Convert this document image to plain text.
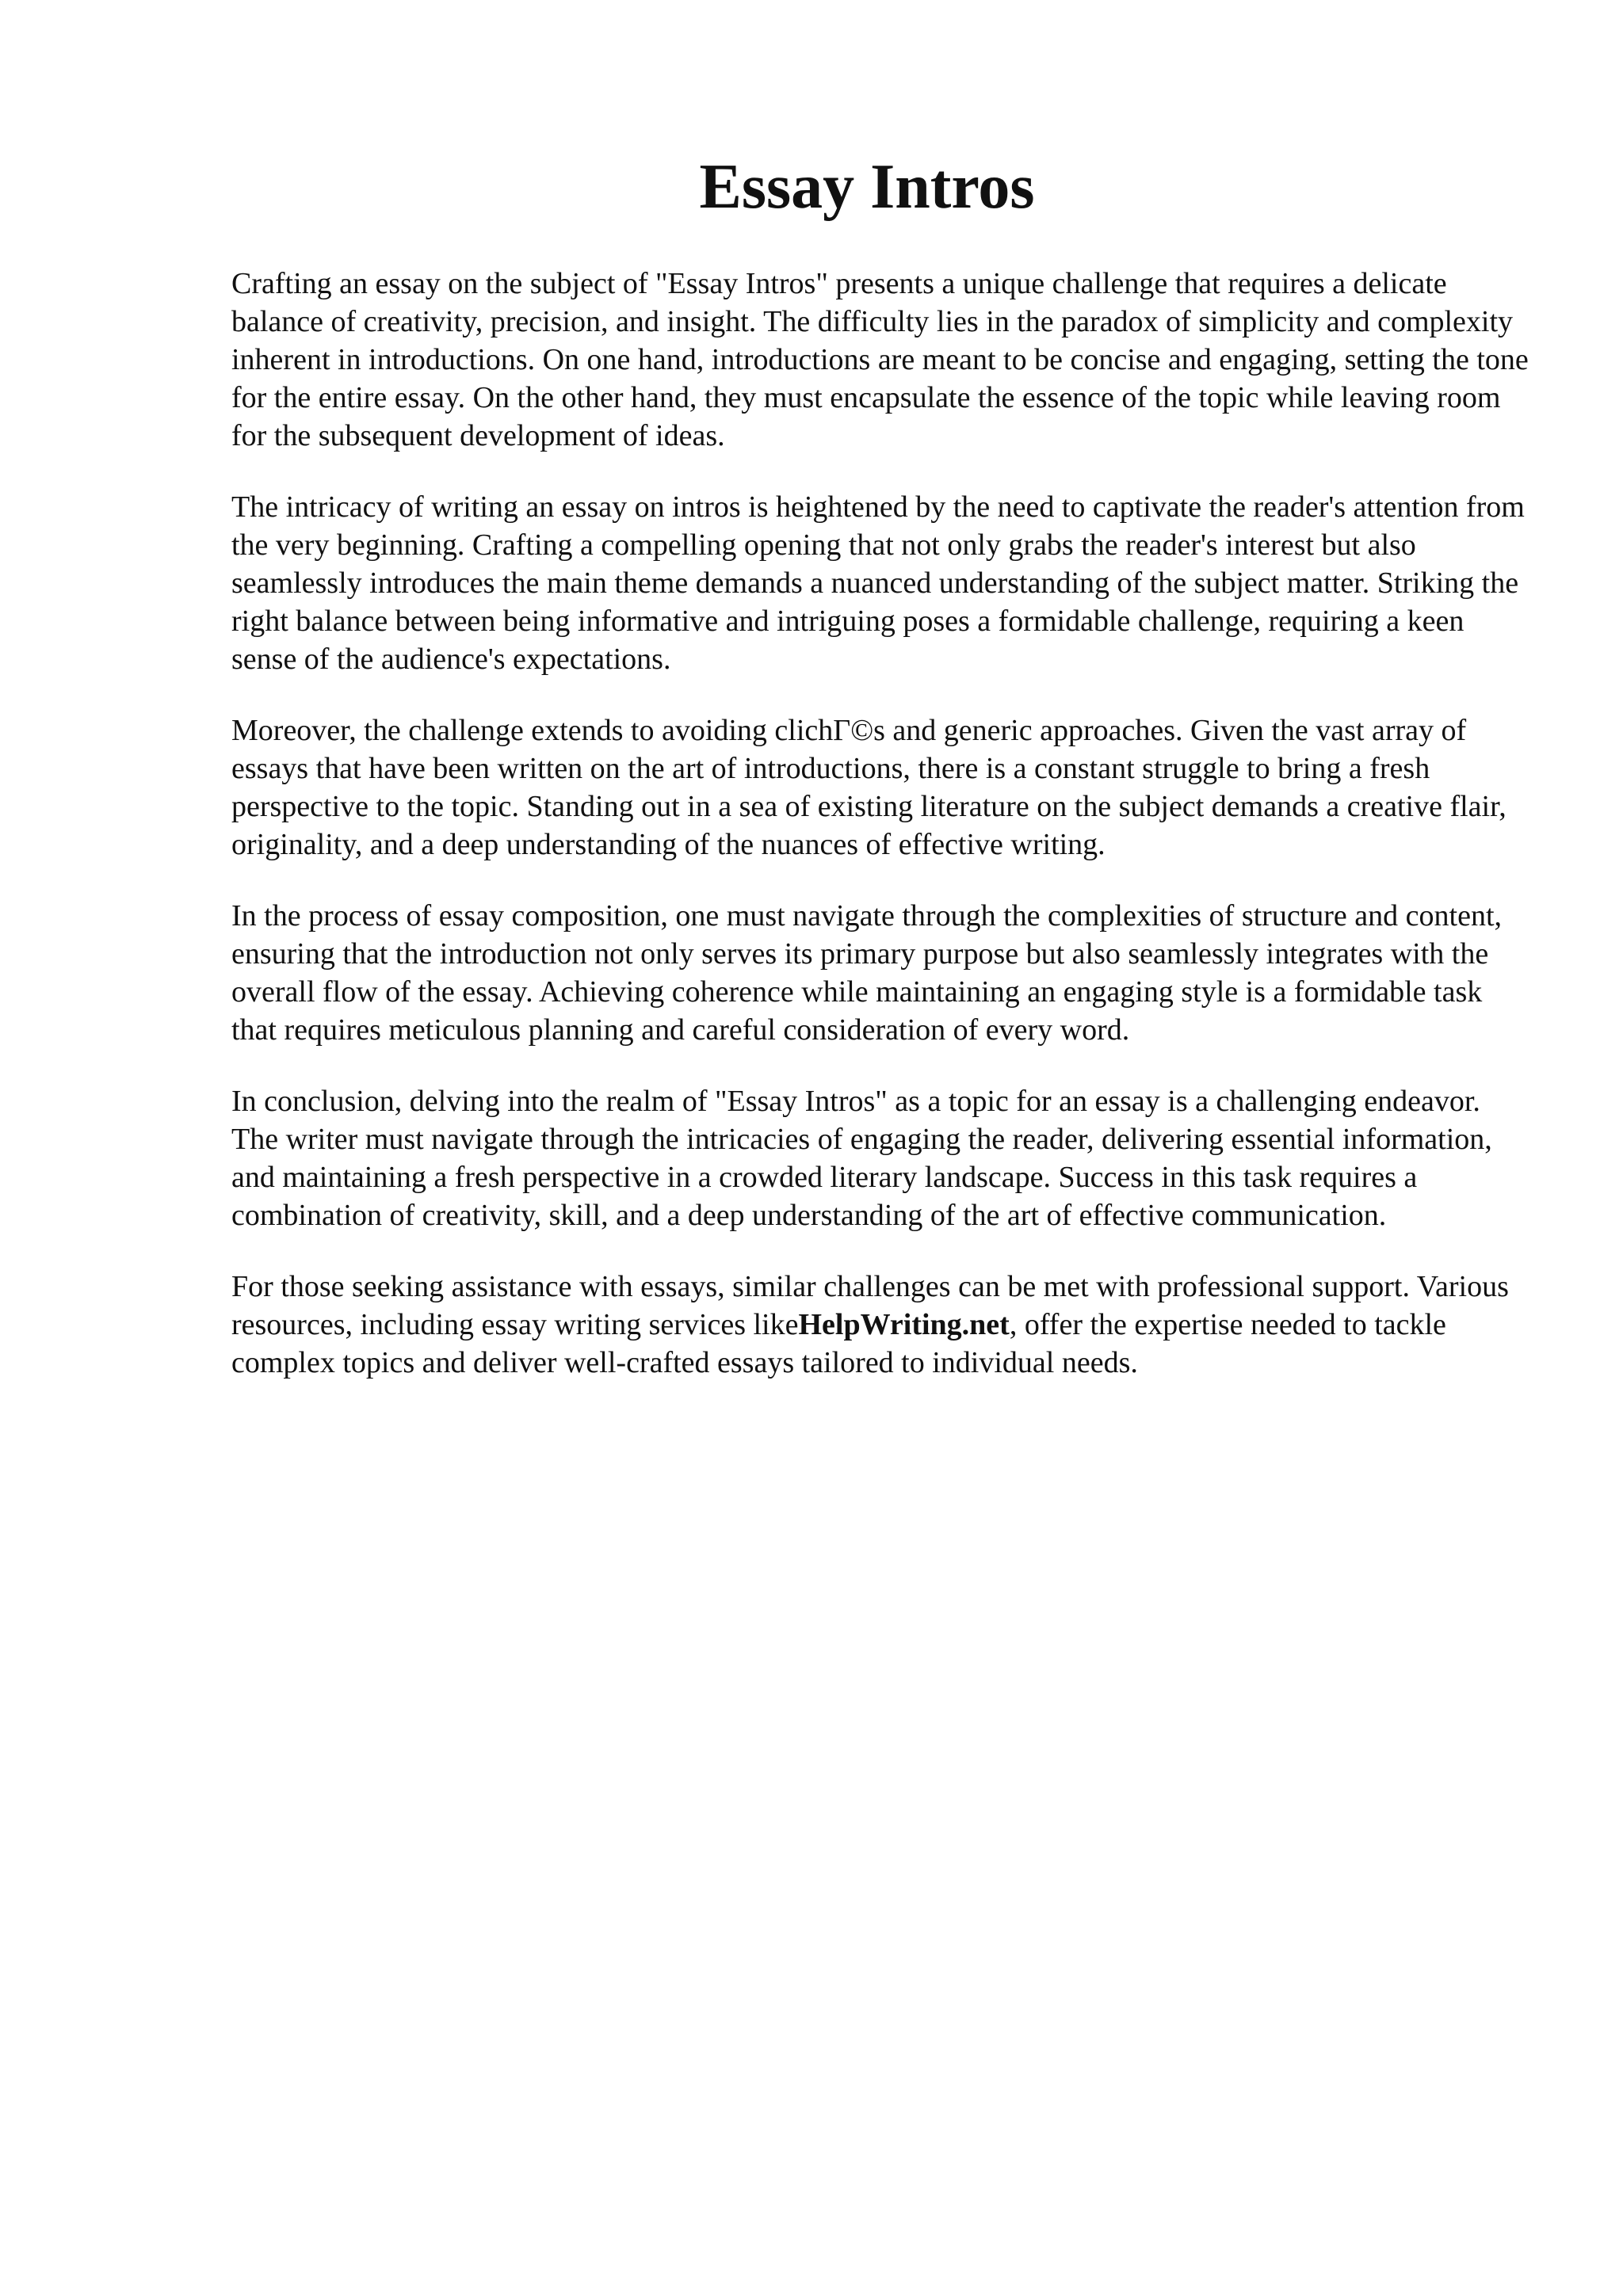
Essay Intros

Crafting an essay on the subject of "Essay Intros" presents a unique challenge that requires a delicate balance of creativity, precision, and insight. The difficulty lies in the paradox of simplicity and complexity inherent in introductions. On one hand, introductions are meant to be concise and engaging, setting the tone for the entire essay. On the other hand, they must encapsulate the essence of the topic while leaving room for the subsequent development of ideas.

The intricacy of writing an essay on intros is heightened by the need to captivate the reader's attention from the very beginning. Crafting a compelling opening that not only grabs the reader's interest but also seamlessly introduces the main theme demands a nuanced understanding of the subject matter. Striking the right balance between being informative and intriguing poses a formidable challenge, requiring a keen sense of the audience's expectations.

Moreover, the challenge extends to avoiding clichΓ©s and generic approaches. Given the vast array of essays that have been written on the art of introductions, there is a constant struggle to bring a fresh perspective to the topic. Standing out in a sea of existing literature on the subject demands a creative flair, originality, and a deep understanding of the nuances of effective writing.

In the process of essay composition, one must navigate through the complexities of structure and content, ensuring that the introduction not only serves its primary purpose but also seamlessly integrates with the overall flow of the essay. Achieving coherence while maintaining an engaging style is a formidable task that requires meticulous planning and careful consideration of every word.

In conclusion, delving into the realm of "Essay Intros" as a topic for an essay is a challenging endeavor. The writer must navigate through the intricacies of engaging the reader, delivering essential information, and maintaining a fresh perspective in a crowded literary landscape. Success in this task requires a combination of creativity, skill, and a deep understanding of the art of effective communication.

For those seeking assistance with essays, similar challenges can be met with professional support. Various resources, including essay writing services likeHelpWriting.net, offer the expertise needed to tackle complex topics and deliver well-crafted essays tailored to individual needs.
